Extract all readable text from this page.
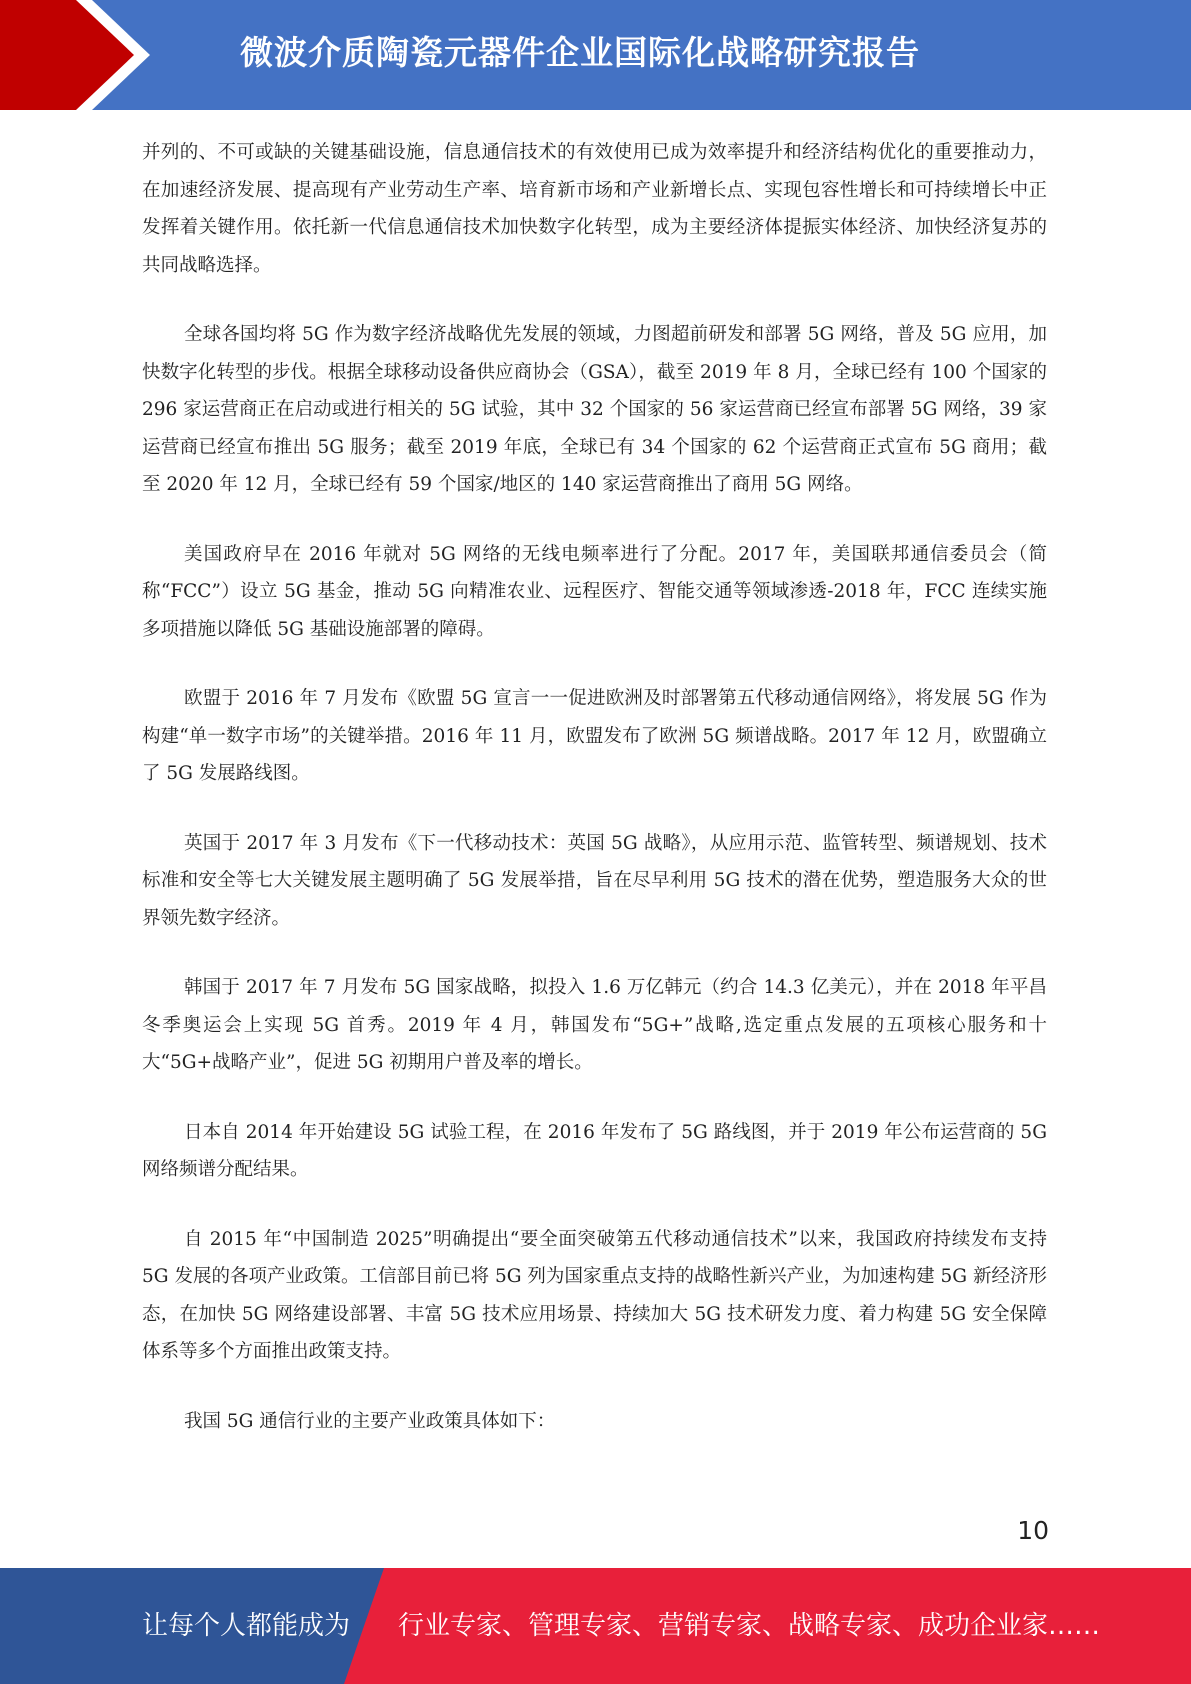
微波介质陶瓷元器件企业国际化战略研究报告

并列的、不可或缺的关键基础设施，信息通信技术的有效使用已成为效率提升和经济结构优化的重要推动力，在加速经济发展、提高现有产业劳动生产率、培育新市场和产业新增长点、实现包容性增长和可持续增长中正发挥着关键作用。依托新一代信息通信技术加快数字化转型，成为主要经济体提振实体经济、加快经济复苏的共同战略选择。

全球各国均将 5G 作为数字经济战略优先发展的领域，力图超前研发和部署 5G 网络，普及 5G 应用，加快数字化转型的步伐。根据全球移动设备供应商协会（GSA），截至 2019 年 8 月，全球已经有 100 个国家的 296 家运营商正在启动或进行相关的 5G 试验，其中 32 个国家的 56 家运营商已经宣布部署 5G 网络，39 家运营商已经宣布推出 5G 服务；截至 2019 年底，全球已有 34 个国家的 62 个运营商正式宣布 5G 商用；截至 2020 年 12 月，全球已经有 59 个国家/地区的 140 家运营商推出了商用 5G 网络。

美国政府早在 2016 年就对 5G 网络的无线电频率进行了分配。2017 年，美国联邦通信委员会（简称“FCC”）设立 5G 基金，推动 5G 向精准农业、远程医疗、智能交通等领域渗透-2018 年，FCC 连续实施多项措施以降低 5G 基础设施部署的障碍。

欧盟于 2016 年 7 月发布《欧盟 5G 宣言一一促进欧洲及时部署第五代移动通信网络》，将发展 5G 作为构建“单一数字市场”的关键举措。2016 年 11 月，欧盟发布了欧洲 5G 频谱战略。2017 年 12 月，欧盟确立了 5G 发展路线图。

英国于 2017 年 3 月发布《下一代移动技术：英国 5G 战略》，从应用示范、监管转型、频谱规划、技术标准和安全等七大关键发展主题明确了 5G 发展举措，旨在尽早利用 5G 技术的潜在优势，塑造服务大众的世界领先数字经济。

韩国于 2017 年 7 月发布 5G 国家战略，拟投入 1.6 万亿韩元（约合 14.3 亿美元），并在 2018 年平昌冬季奥运会上实现 5G 首秀。2019 年 4 月，韩国发布“5G+”战略,选定重点发展的五项核心服务和十大“5G+战略产业”，促进 5G 初期用户普及率的增长。

日本自 2014 年开始建设 5G 试验工程，在 2016 年发布了 5G 路线图，并于 2019 年公布运营商的 5G 网络频谱分配结果。

自 2015 年“中国制造 2025”明确提出“要全面突破第五代移动通信技术”以来，我国政府持续发布支持 5G 发展的各项产业政策。工信部目前已将 5G 列为国家重点支持的战略性新兴产业，为加速构建 5G 新经济形态，在加快 5G 网络建设部署、丰富 5G 技术应用场景、持续加大 5G 技术研发力度、着力构建 5G 安全保障体系等多个方面推出政策支持。

我国 5G 通信行业的主要产业政策具体如下：

10
让每个人都能成为 行业专家、管理专家、营销专家、战略专家、成功企业家……
